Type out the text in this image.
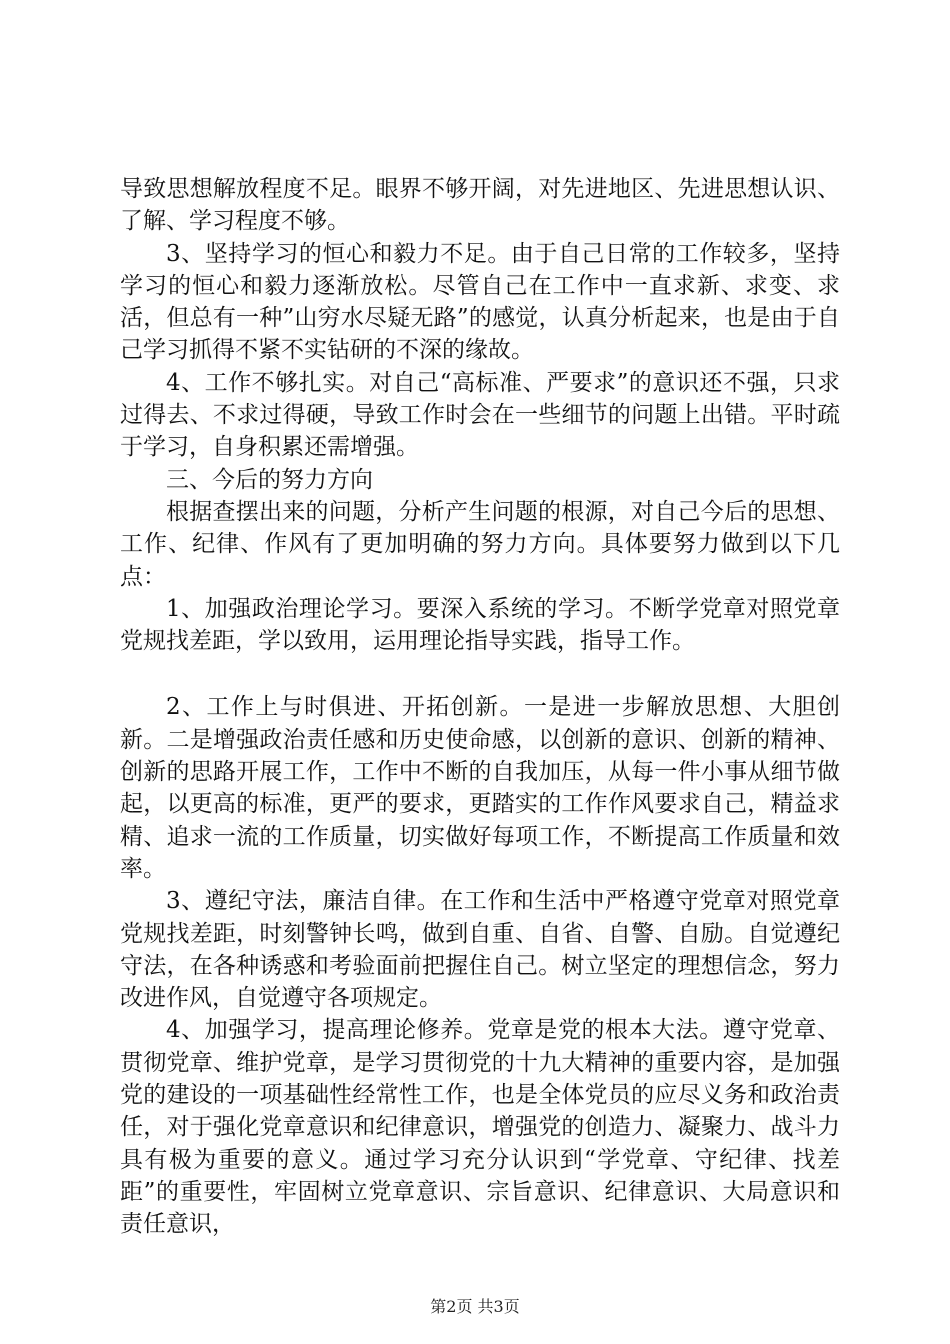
导致思想解放程度不足。眼界不够开阔，对先进地区、先进思想认识、了解、学习程度不够。

3、坚持学习的恒心和毅力不足。由于自己日常的工作较多，坚持学习的恒心和毅力逐渐放松。尽管自己在工作中一直求新、求变、求活，但总有一种”山穷水尽疑无路”的感觉，认真分析起来，也是由于自己学习抓得不紧不实钻研的不深的缘故。

4、工作不够扎实。对自己“高标准、严要求”的意识还不强，只求过得去、不求过得硬，导致工作时会在一些细节的问题上出错。平时疏于学习，自身积累还需增强。

三、今后的努力方向

根据查摆出来的问题，分析产生问题的根源，对自己今后的思想、工作、纪律、作风有了更加明确的努力方向。具体要努力做到以下几点：

1、加强政治理论学习。要深入系统的学习。不断学党章对照党章党规找差距，学以致用，运用理论指导实践，指导工作。

2、工作上与时俱进、开拓创新。一是进一步解放思想、大胆创新。二是增强政治责任感和历史使命感，以创新的意识、创新的精神、创新的思路开展工作，工作中不断的自我加压，从每一件小事从细节做起，以更高的标准，更严的要求，更踏实的工作作风要求自己，精益求精、追求一流的工作质量，切实做好每项工作，不断提高工作质量和效率。

3、遵纪守法，廉洁自律。在工作和生活中严格遵守党章对照党章党规找差距，时刻警钟长鸣，做到自重、自省、自警、自励。自觉遵纪守法，在各种诱惑和考验面前把握住自己。树立坚定的理想信念，努力改进作风，自觉遵守各项规定。

4、加强学习，提高理论修养。党章是党的根本大法。遵守党章、贯彻党章、维护党章，是学习贯彻党的十九大精神的重要内容，是加强党的建设的一项基础性经常性工作，也是全体党员的应尽义务和政治责任，对于强化党章意识和纪律意识，增强党的创造力、凝聚力、战斗力具有极为重要的意义。通过学习充分认识到“学党章、守纪律、找差距”的重要性，牢固树立党章意识、宗旨意识、纪律意识、大局意识和责任意识，

第2页 共3页
